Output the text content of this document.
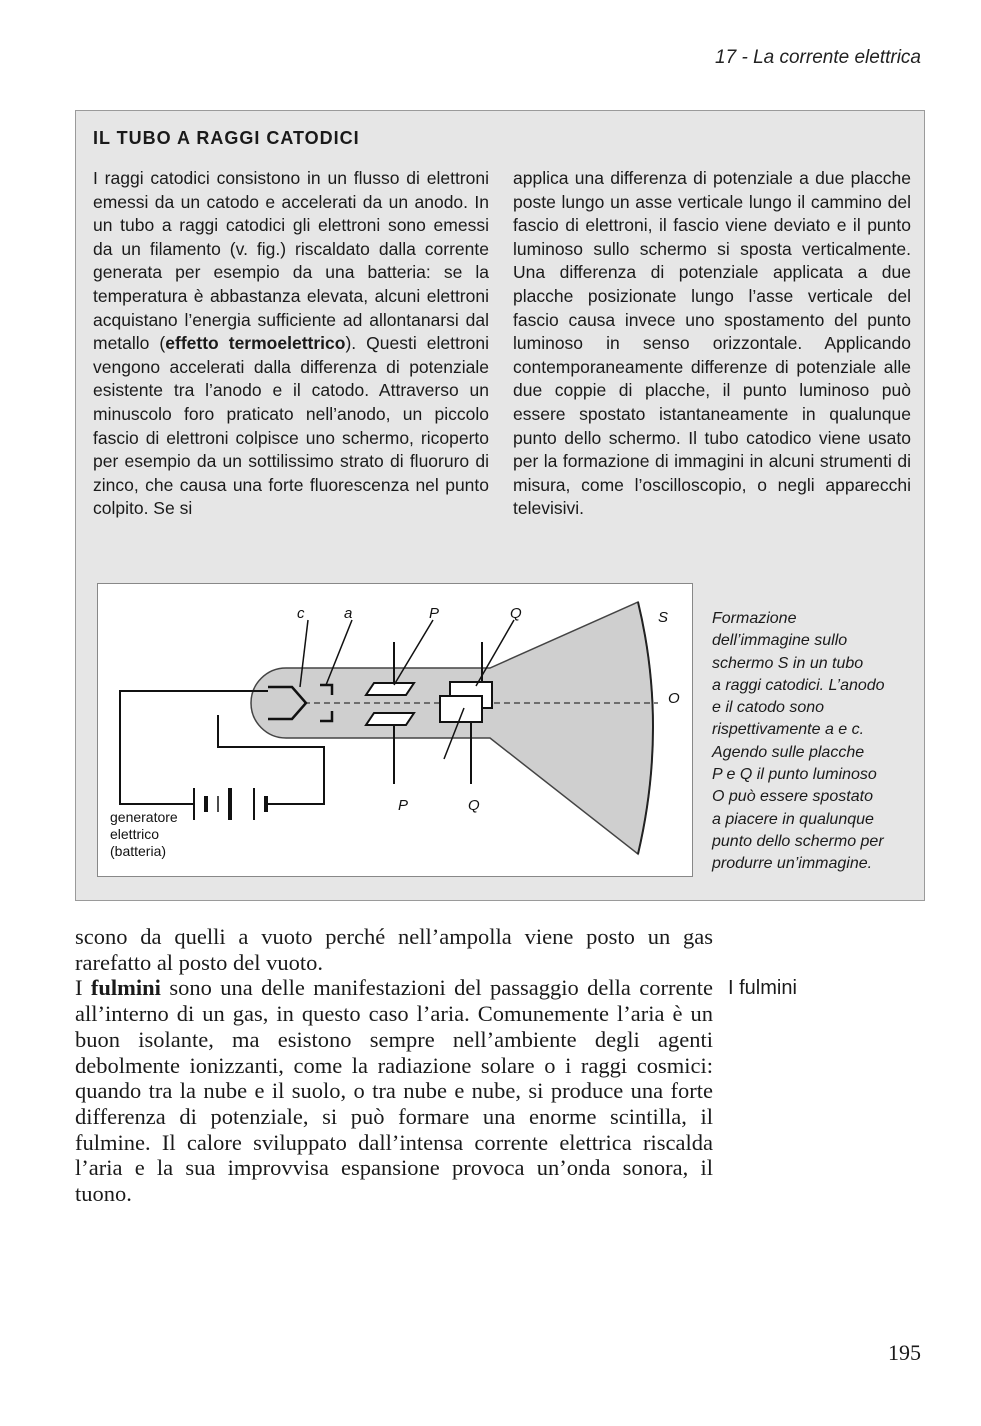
17 - La corrente elettrica
IL TUBO A RAGGI CATODICI

I raggi catodici consistono in un flusso di elettroni emessi da un catodo e accelerati da un anodo. In un tubo a raggi catodici gli elettroni sono emessi da un filamento (v. fig.) riscaldato dalla corrente generata per esempio da una batteria: se la temperatura è abbastanza elevata, alcuni elettroni acquistano l’energia sufficiente ad allontanarsi dal metallo (effetto termoelettrico). Questi elettroni vengono accelerati dalla differenza di potenziale esistente tra l’anodo e il catodo. Attraverso un minuscolo foro praticato nell’anodo, un piccolo fascio di elettroni colpisce uno schermo, ricoperto per esempio da un sottilissimo strato di fluoruro di zinco, che causa una forte fluorescenza nel punto colpito. Se si

applica una differenza di potenziale a due placche poste lungo un asse verticale lungo il cammino del fascio di elettroni, il fascio viene deviato e il punto luminoso sullo schermo si sposta verticalmente. Una differenza di potenziale applicata a due placche posizionate lungo l’asse verticale del fascio causa invece uno spostamento del punto luminoso in senso orizzontale. Applicando contemporaneamente differenze di potenziale alle due coppie di placche, il punto luminoso può essere spostato istantaneamente in qualunque punto dello schermo. Il tubo catodico viene usato per la formazione di immagini in alcuni strumenti di misura, come l’oscilloscopio, o negli apparecchi televisivi.

c	a	P	Q	S
O
P	Q
generatore
elettrico
(batteria)
Formazione
dell’immagine sullo
schermo S in un tubo
a raggi catodici. L’anodo
e il catodo sono
rispettivamente a e c.
Agendo sulle placche
P e Q il punto luminoso
O può essere spostato
a piacere in qualunque
punto dello schermo per
produrre un’immagine.

scono da quelli a vuoto perché nell’ampolla viene posto un gas rarefatto al posto del vuoto.

I fulmini sono una delle manifestazioni del passaggio della corrente all’interno di un gas, in questo caso l’aria. Comunemente l’aria è un buon isolante, ma esistono sempre nell’ambiente degli agenti debolmente ionizzanti, come la radiazione solare o i raggi cosmici: quando tra la nube e il suolo, o tra nube e nube, si produce una forte differenza di potenziale, si può formare una enorme scintilla, il fulmine. Il calore sviluppato dall’intensa corrente elettrica riscalda l’aria e la sua improvvisa espansione provoca un’onda sonora, il tuono.

I fulmini
195
